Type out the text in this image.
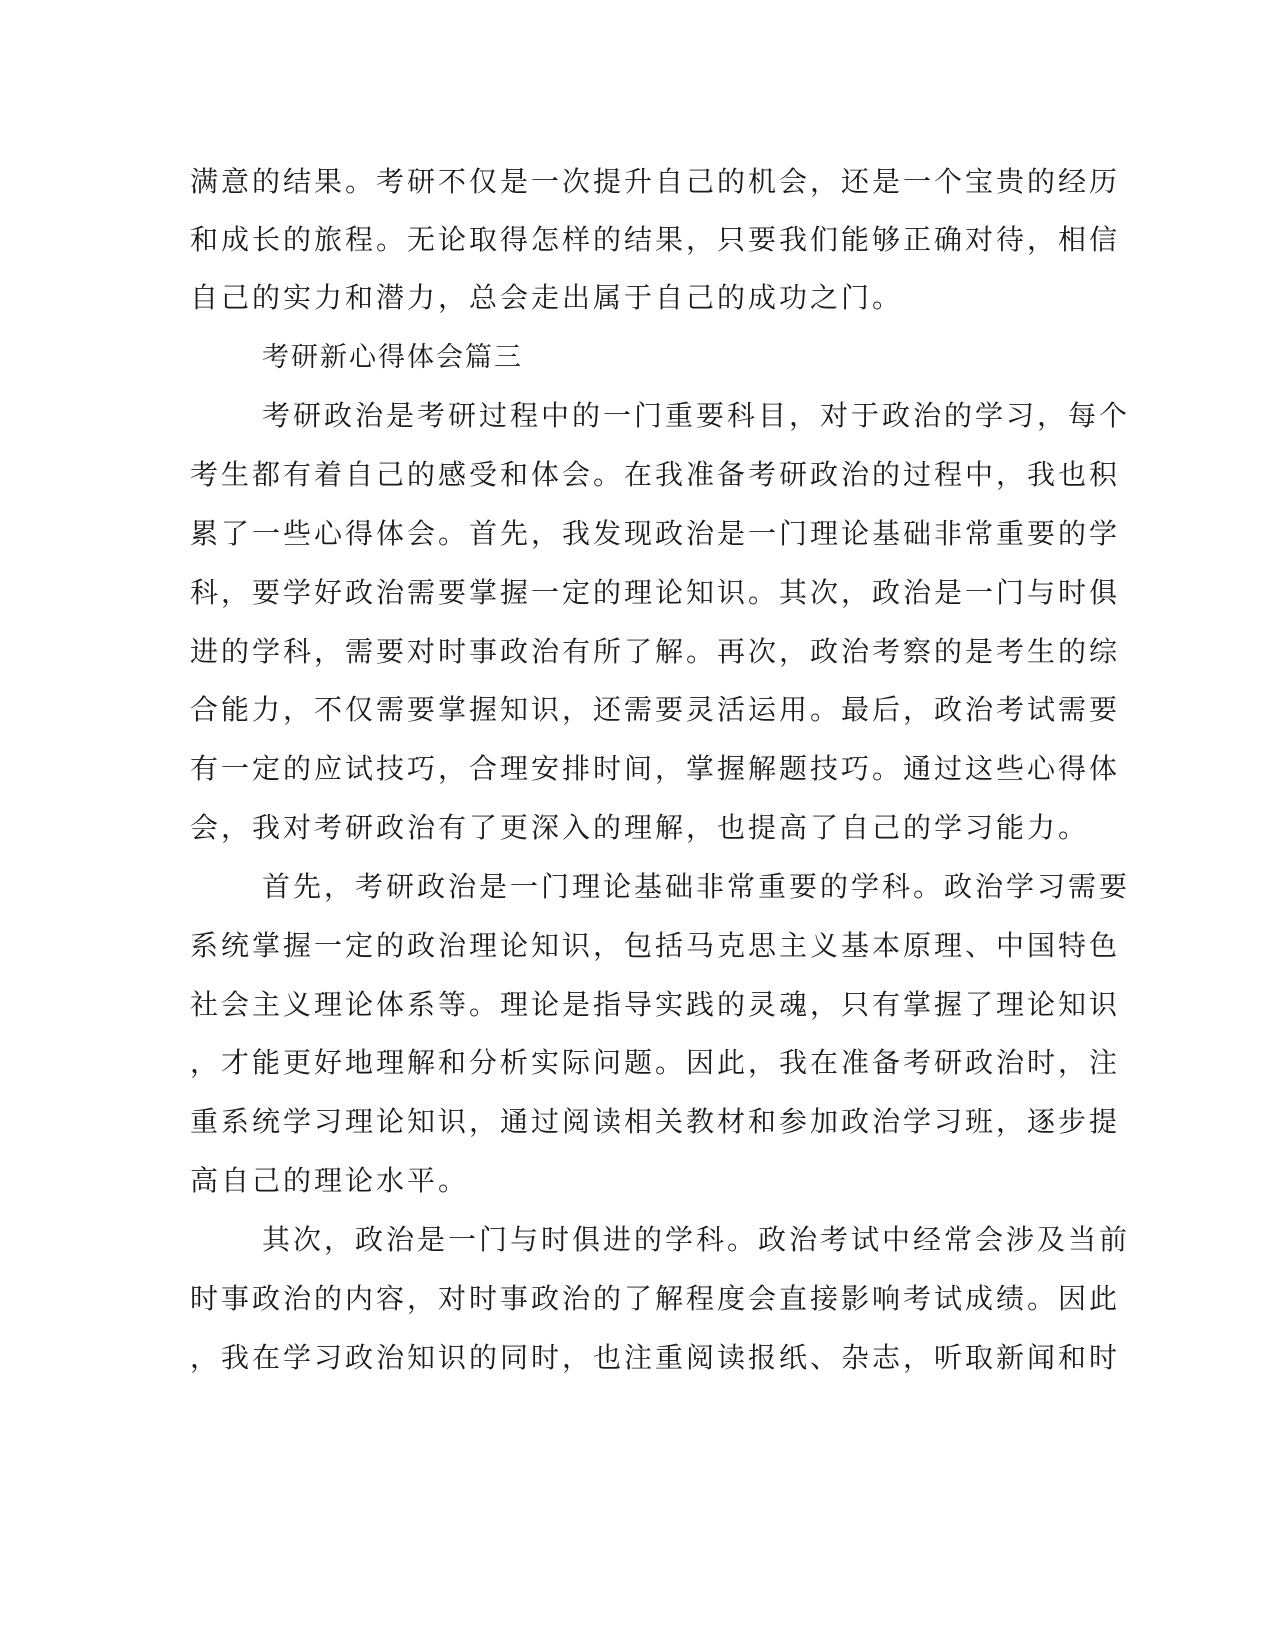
满意的结果。考研不仅是一次提升自己的机会，还是一个宝贵的经历
和成长的旅程。无论取得怎样的结果，只要我们能够正确对待，相信
自己的实力和潜力，总会走出属于自己的成功之门。
考研新心得体会篇三
考研政治是考研过程中的一门重要科目，对于政治的学习，每个
考生都有着自己的感受和体会。在我准备考研政治的过程中，我也积
累了一些心得体会。首先，我发现政治是一门理论基础非常重要的学
科，要学好政治需要掌握一定的理论知识。其次，政治是一门与时俱
进的学科，需要对时事政治有所了解。再次，政治考察的是考生的综
合能力，不仅需要掌握知识，还需要灵活运用。最后，政治考试需要
有一定的应试技巧，合理安排时间，掌握解题技巧。通过这些心得体
会，我对考研政治有了更深入的理解，也提高了自己的学习能力。
首先，考研政治是一门理论基础非常重要的学科。政治学习需要
系统掌握一定的政治理论知识，包括马克思主义基本原理、中国特色
社会主义理论体系等。理论是指导实践的灵魂，只有掌握了理论知识
，才能更好地理解和分析实际问题。因此，我在准备考研政治时，注
重系统学习理论知识，通过阅读相关教材和参加政治学习班，逐步提
高自己的理论水平。
其次，政治是一门与时俱进的学科。政治考试中经常会涉及当前
时事政治的内容，对时事政治的了解程度会直接影响考试成绩。因此
，我在学习政治知识的同时，也注重阅读报纸、杂志，听取新闻和时
